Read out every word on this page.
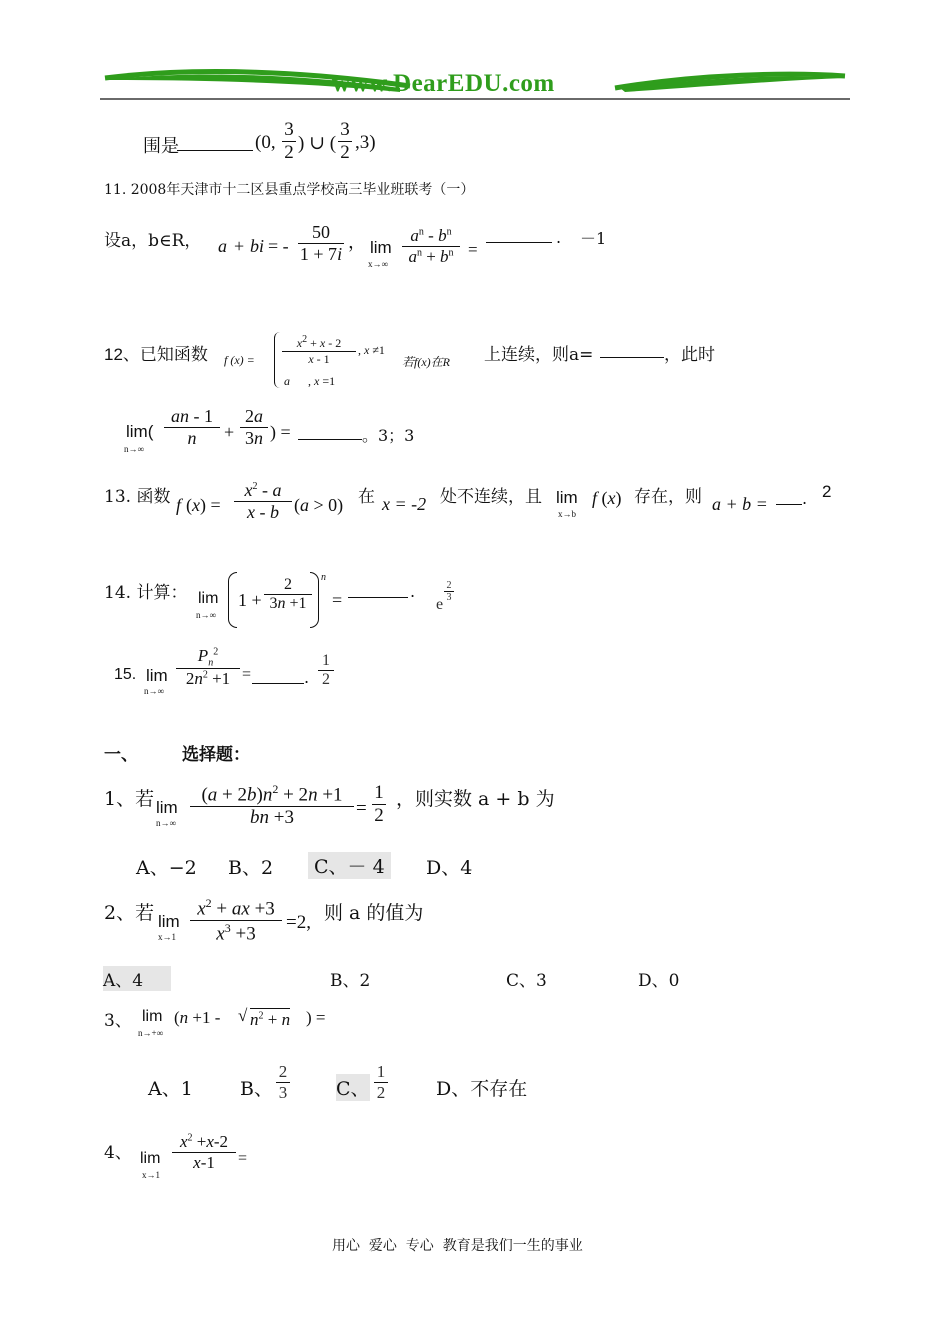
www.DearEDU.com
围是	(0, $\frac{3}{2}$ ) ∪ ( $\frac{3}{2} ,3$)
11. 2008年天津市十二区县重点学校高三毕业班联考（一）
设a，b∈R， a + bi = - $\frac{50}{1 + 7i}$ ， lim
$x\to\infty \frac{a^n - b^n}{a^n + b^n}$ =
. －1
12、已知函数 f $(x) = \frac{x^2 + x - 2}{x - 1}$ , x ≠1
a      , x =1
若f(x)在R 上连续，则a=	，此时
lim(
$n\to\infty \frac{an - 1}{n} + \frac{2a}{3n}$ ) =	。3；3
13. 函数 f $(x) = \frac{x^2 - a}{x - b} (a > 0)$ 在 x = -2 处不连续，且 lim
x→b
f (x) 存在，则 a + b = . 2
14. 计算： lim
n→∞
$1 + \frac{2}{3n +1}$ n
=	.
e
$\frac{2}{3}$
15. lim
n→∞
$\frac{P_n^2}{2n^2 +1}$ =	. $\frac{1}{2}$
一、	选择题：
1、若 lim
$n\to\infty \frac{(a + 2b)n^2 + 2n +1}{bn +3} = \frac{1}{2}$ ，则实数 a + b 为
A、−2 B、2	C、－ 4	D、4
2、若 lim
$x\to 1 \frac{x^2 + ax +3}{x^3 +3} =2$, 则 a 的值为
A、4	B、2	C、3	D、0
3、 lim
n→+∞
(n +1 - √ $n^2 + n$ ) =
A、1 B、 $\frac{2}{3}$ C、 $\frac{1}{2}$	D、不存在
4、 lim
x→1
$\frac{x^2 +x-2}{x-1}$ =
用心  爱心  专心  教育是我们一生的事业
